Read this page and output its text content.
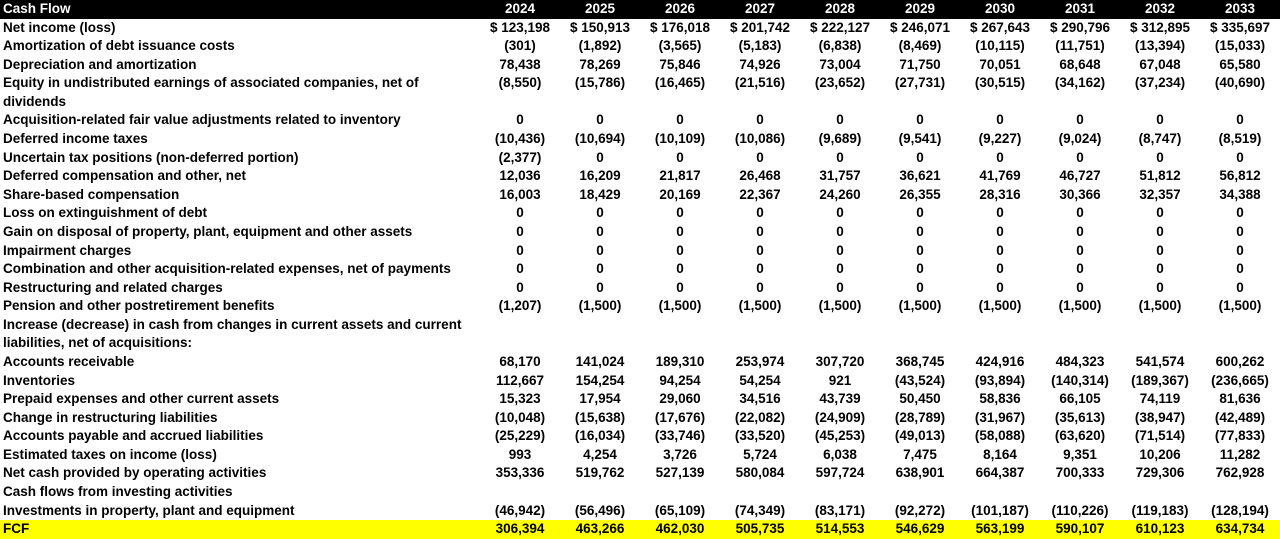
Cash Flow	2024	2025	2026	2027	2028	2029	2030	2031	2032	2033
Net income (loss)	$ 123,198	$ 150,913	$ 176,018	$ 201,742	$ 222,127	$ 246,071	$ 267,643	$ 290,796	$ 312,895	$ 335,697
Amortization of debt issuance costs	(301)	(1,892)	(3,565)	(5,183)	(6,838)	(8,469)	(10,115)	(11,751)	(13,394)	(15,033)
Depreciation and amortization	78,438	78,269	75,846	74,926	73,004	71,750	70,051	68,648	67,048	65,580
Equity in undistributed earnings of associated companies, net of dividends	(8,550)	(15,786)	(16,465)	(21,516)	(23,652)	(27,731)	(30,515)	(34,162)	(37,234)	(40,690)
Acquisition-related fair value adjustments related to inventory	0	0	0	0	0	0	0	0	0	0
Deferred income taxes	(10,436)	(10,694)	(10,109)	(10,086)	(9,689)	(9,541)	(9,227)	(9,024)	(8,747)	(8,519)
Uncertain tax positions (non-deferred portion)	(2,377)	0	0	0	0	0	0	0	0	0
Deferred compensation and other, net	12,036	16,209	21,817	26,468	31,757	36,621	41,769	46,727	51,812	56,812
Share-based compensation	16,003	18,429	20,169	22,367	24,260	26,355	28,316	30,366	32,357	34,388
Loss on extinguishment of debt	0	0	0	0	0	0	0	0	0	0
Gain on disposal of property, plant, equipment and other assets	0	0	0	0	0	0	0	0	0	0
Impairment charges	0	0	0	0	0	0	0	0	0	0
Combination and other acquisition-related expenses, net of payments	0	0	0	0	0	0	0	0	0	0
Restructuring and related charges	0	0	0	0	0	0	0	0	0	0
Pension and other postretirement benefits	(1,207)	(1,500)	(1,500)	(1,500)	(1,500)	(1,500)	(1,500)	(1,500)	(1,500)	(1,500)
Increase (decrease) in cash from changes in current assets and current liabilities, net of acquisitions:										
Accounts receivable	68,170	141,024	189,310	253,974	307,720	368,745	424,916	484,323	541,574	600,262
Inventories	112,667	154,254	94,254	54,254	921	(43,524)	(93,894)	(140,314)	(189,367)	(236,665)
Prepaid expenses and other current assets	15,323	17,954	29,060	34,516	43,739	50,450	58,836	66,105	74,119	81,636
Change in restructuring liabilities	(10,048)	(15,638)	(17,676)	(22,082)	(24,909)	(28,789)	(31,967)	(35,613)	(38,947)	(42,489)
Accounts payable and accrued liabilities	(25,229)	(16,034)	(33,746)	(33,520)	(45,253)	(49,013)	(58,088)	(63,620)	(71,514)	(77,833)
Estimated taxes on income (loss)	993	4,254	3,726	5,724	6,038	7,475	8,164	9,351	10,206	11,282
Net cash provided by operating activities	353,336	519,762	527,139	580,084	597,724	638,901	664,387	700,333	729,306	762,928
Cash flows from investing activities										
Investments in property, plant and equipment	(46,942)	(56,496)	(65,109)	(74,349)	(83,171)	(92,272)	(101,187)	(110,226)	(119,183)	(128,194)
FCF	306,394	463,266	462,030	505,735	514,553	546,629	563,199	590,107	610,123	634,734
